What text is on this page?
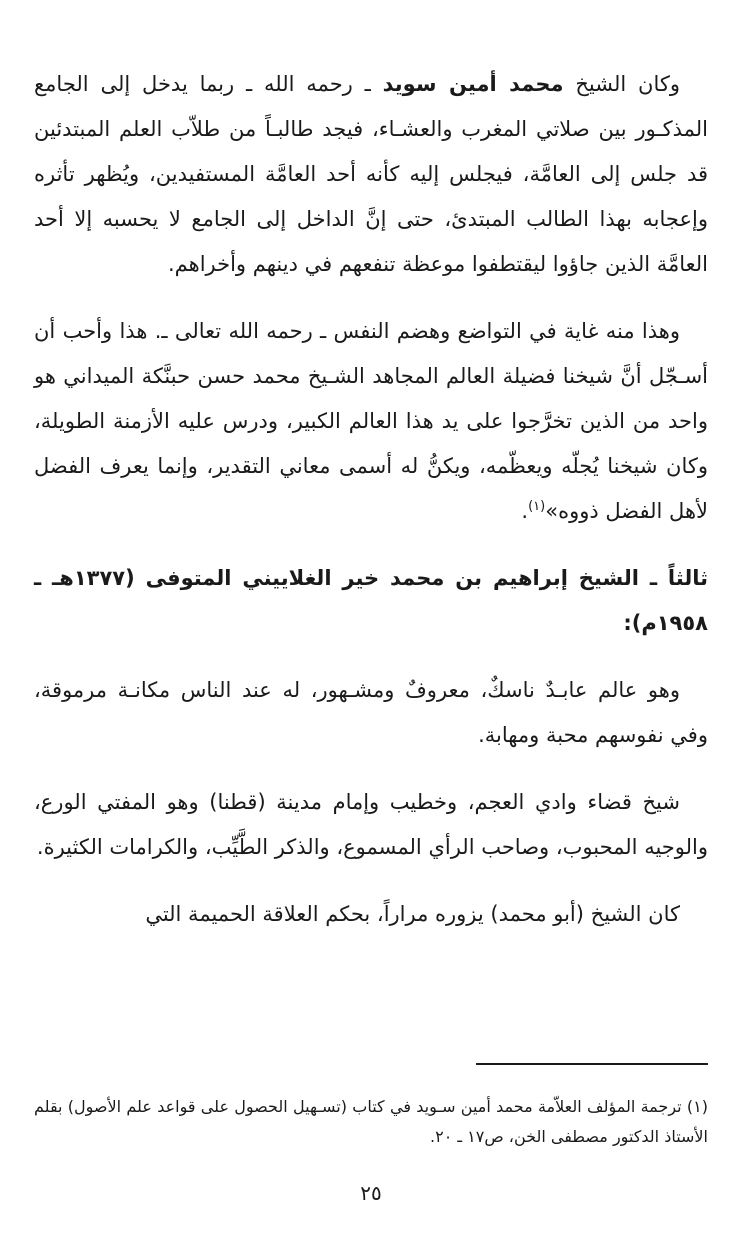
وكان الشيخ محمد أمين سويد ـ رحمه الله ـ ربما يدخل إلى الجامع المذكـور بين صلاتي المغرب والعشـاء، فيجد طالبـاً من طلاّب العلم المبتدئين قد جلس إلى العامَّة، فيجلس إليه كأنه أحد العامَّة المستفيدين، ويُظهر تأثره وإعجابه بهذا الطالب المبتدئ، حتى إنَّ الداخل إلى الجامع لا يحسبه إلا أحد العامَّة الذين جاؤوا ليقتطفوا موعظة تنفعهم في دينهم وأخراهم.

وهذا منه غاية في التواضع وهضم النفس ـ رحمه الله تعالى ـ. هذا وأحب أن أسـجّل أنَّ شيخنا فضيلة العالم المجاهد الشـيخ محمد حسن حبنَّكة الميداني هو واحد من الذين تخرَّجوا على يد هذا العالم الكبير، ودرس عليه الأزمنة الطويلة، وكان شيخنا يُجلّه ويعظّمه، ويكنُّ له أسمى معاني التقدير، وإنما يعرف الفضل لأهل الفضل ذووه»$^{(١)}$.

ثالثاً ـ الشيخ إبراهيم بن محمد خير الغلاييني المتوفى (١٣٧٧هـ ـ ١٩٥٨م):

وهو عالم عابـدٌ ناسكٌ، معروفٌ ومشـهور، له عند الناس مكانـة مرموقة، وفي نفوسهم محبة ومهابة.

شيخ قضاء وادي العجم، وخطيب وإمام مدينة (قطنا) وهو المفتي الورع، والوجيه المحبوب، وصاحب الرأي المسموع، والذكر الطَّيِّب، والكرامات الكثيرة.

كان الشيخ (أبو محمد) يزوره مراراً، بحكم العلاقة الحميمة التي

(١) ترجمة المؤلف العلاّمة محمد أمين سـويد في كتاب (تسـهيل الحصول على قواعد علم الأصول) بقلم الأستاذ الدكتور مصطفى الخن، ص١٧ ـ ٢٠.
٢٥
